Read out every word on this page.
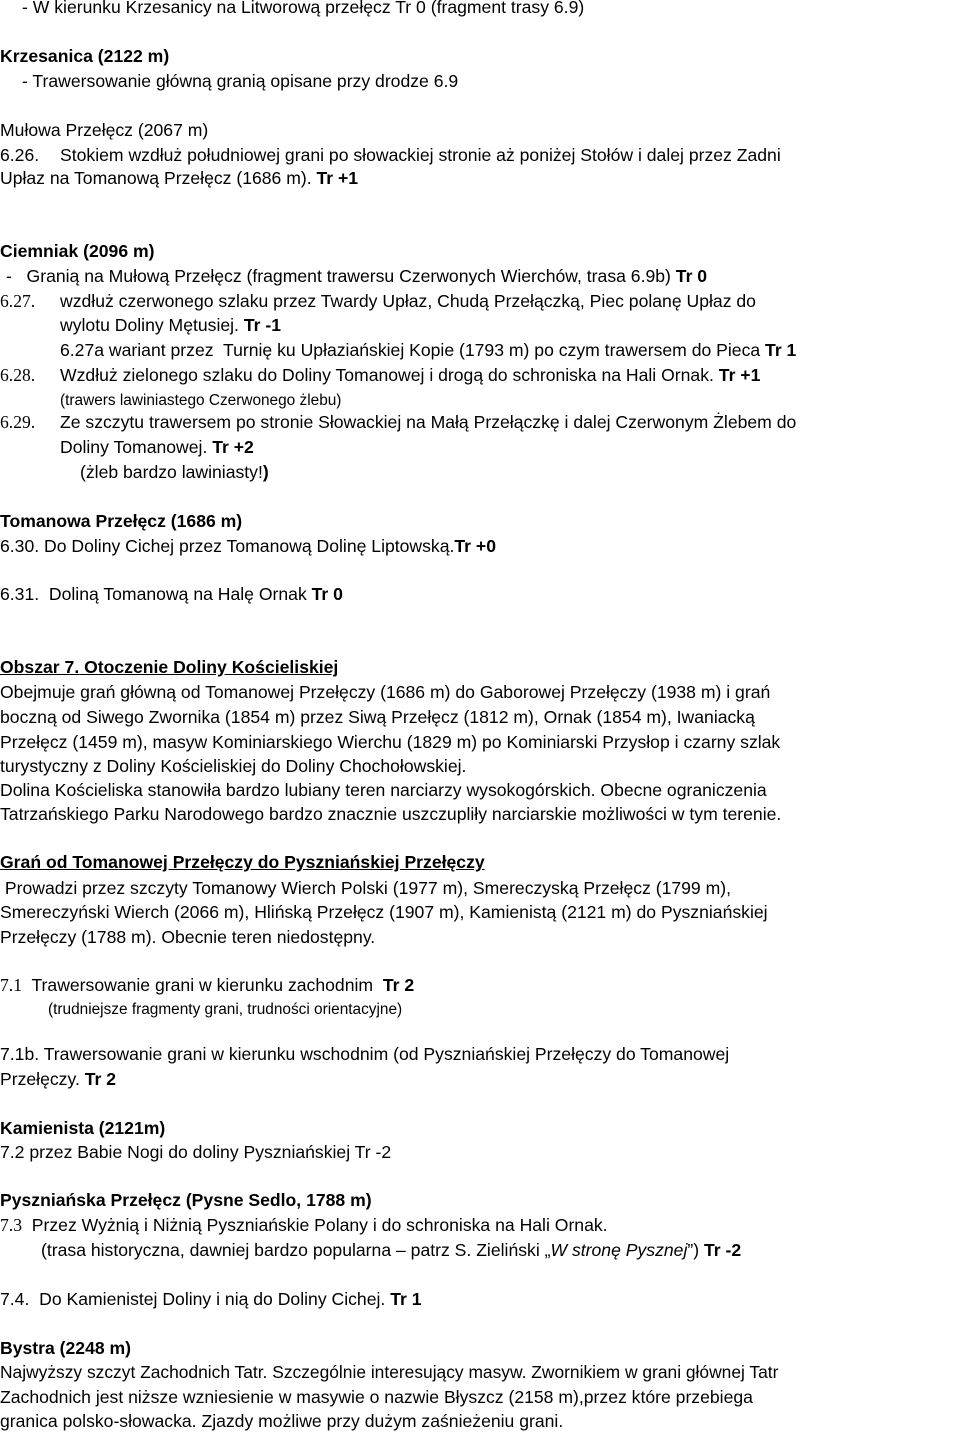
- W kierunku Krzesanicy na Litworową przełęcz Tr 0 (fragment trasy 6.9)
Krzesanica (2122 m)
- Trawersowanie główną granią opisane przy drodze 6.9
Mułowa Przełęcz (2067 m)
6.26. Stokiem wzdłuż południowej grani po słowackiej stronie aż poniżej Stołów i dalej przez Zadni
Upłaz na Tomanową Przełęcz (1686 m). Tr +1
Ciemniak (2096 m)
-   Granią na Mułową Przełęcz (fragment trawersu Czerwonych Wierchów, trasa 6.9b) Tr 0
6.27. wzdłuż czerwonego szlaku przez Twardy Upłaz, Chudą Przełączką, Piec polanę Upłaz do
wylotu Doliny Mętusiej. Tr -1
6.27a wariant przez  Turnię ku Upłaziańskiej Kopie (1793 m) po czym trawersem do Pieca Tr 1
6.28. Wzdłuż zielonego szlaku do Doliny Tomanowej i drogą do schroniska na Hali Ornak. Tr +1
(trawers lawiniastego Czerwonego żlebu)
6.29. Ze szczytu trawersem po stronie Słowackiej na Małą Przełączkę i dalej Czerwonym Żlebem do
Doliny Tomanowej. Tr +2
(żleb bardzo lawiniasty!)
Tomanowa Przełęcz (1686 m)
6.30. Do Doliny Cichej przez Tomanową Dolinę Liptowską.Tr +0
6.31.  Doliną Tomanową na Halę Ornak Tr 0
Obszar 7. Otoczenie Doliny Kościeliskiej
Obejmuje grań główną od Tomanowej Przełęczy (1686 m) do Gaborowej Przełęczy (1938 m) i grań
boczną od Siwego Zwornika (1854 m) przez Siwą Przełęcz (1812 m), Ornak (1854 m), Iwaniacką
Przełęcz (1459 m), masyw Kominiarskiego Wierchu (1829 m) po Kominiarski Przysłop i czarny szlak
turystyczny z Doliny Kościeliskiej do Doliny Chochołowskiej.
Dolina Kościeliska stanowiła bardzo lubiany teren narciarzy wysokogórskich. Obecne ograniczenia
Tatrzańskiego Parku Narodowego bardzo znacznie uszczupliły narciarskie możliwości w tym terenie.
Grań od Tomanowej Przełęczy do Pyszniańskiej Przełęczy
Prowadzi przez szczyty Tomanowy Wierch Polski (1977 m), Smereczyską Przełęcz (1799 m),
Smereczyński Wierch (2066 m), Hlińską Przełęcz (1907 m), Kamienistą (2121 m) do Pyszniańskiej
Przełęczy (1788 m). Obecnie teren niedostępny.
7.1  Trawersowanie grani w kierunku zachodnim  Tr 2
(trudniejsze fragmenty grani, trudności orientacyjne)
7.1b. Trawersowanie grani w kierunku wschodnim (od Pyszniańskiej Przełęczy do Tomanowej
Przełęczy. Tr 2
Kamienista (2121m)
7.2 przez Babie Nogi do doliny Pyszniańskiej Tr -2
Pyszniańska Przełęcz (Pysne Sedlo, 1788 m)
7.3  Przez Wyżnią i Niżnią Pyszniańskie Polany i do schroniska na Hali Ornak.
(trasa historyczna, dawniej bardzo popularna – patrz S. Zieliński „W stronę Pysznej”) Tr -2
7.4.  Do Kamienistej Doliny i nią do Doliny Cichej. Tr 1
Bystra (2248 m)
Najwyższy szczyt Zachodnich Tatr. Szczególnie interesujący masyw. Zwornikiem w grani głównej Tatr
Zachodnich jest niższe wzniesienie w masywie o nazwie Błyszcz (2158 m),przez które przebiega
granica polsko-słowacka. Zjazdy możliwe przy dużym zaśnieżeniu grani.
